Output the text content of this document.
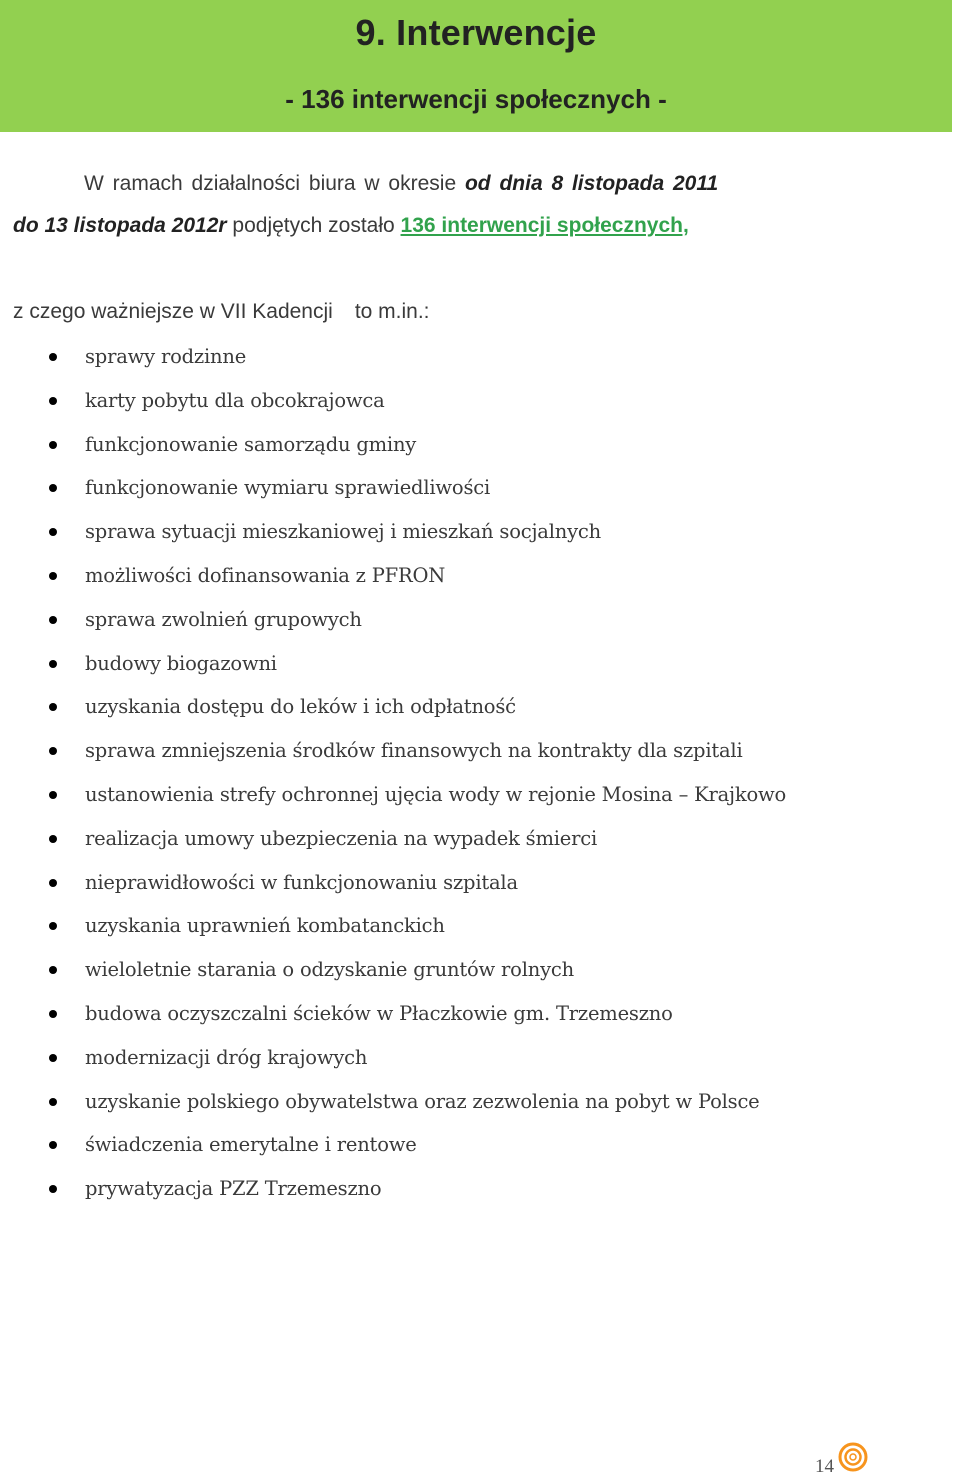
9. Interwencje
- 136 interwencji społecznych -
W ramach działalności biura w okresie od dnia 8 listopada 2011
do 13 listopada 2012r podjętych zostało 136 interwencji społecznych,
z czego ważniejsze w VII Kadencji to m.in.:
sprawy rodzinne
karty pobytu dla obcokrajowca
funkcjonowanie samorządu gminy
funkcjonowanie wymiaru sprawiedliwości
sprawa sytuacji mieszkaniowej i mieszkań socjalnych
możliwości dofinansowania z PFRON
sprawa zwolnień grupowych
budowy biogazowni
uzyskania dostępu do leków i ich odpłatność
sprawa zmniejszenia środków finansowych na kontrakty dla szpitali
ustanowienia strefy ochronnej ujęcia wody w rejonie Mosina – Krajkowo
realizacja umowy ubezpieczenia na wypadek śmierci
nieprawidłowości w funkcjonowaniu szpitala
uzyskania uprawnień kombatanckich
wieloletnie starania o odzyskanie gruntów rolnych
budowa oczyszczalni ścieków w Płaczkowie gm. Trzemeszno
modernizacji dróg krajowych
uzyskanie polskiego obywatelstwa oraz zezwolenia na pobyt w Polsce
świadczenia emerytalne i rentowe
prywatyzacja PZZ Trzemeszno
14
